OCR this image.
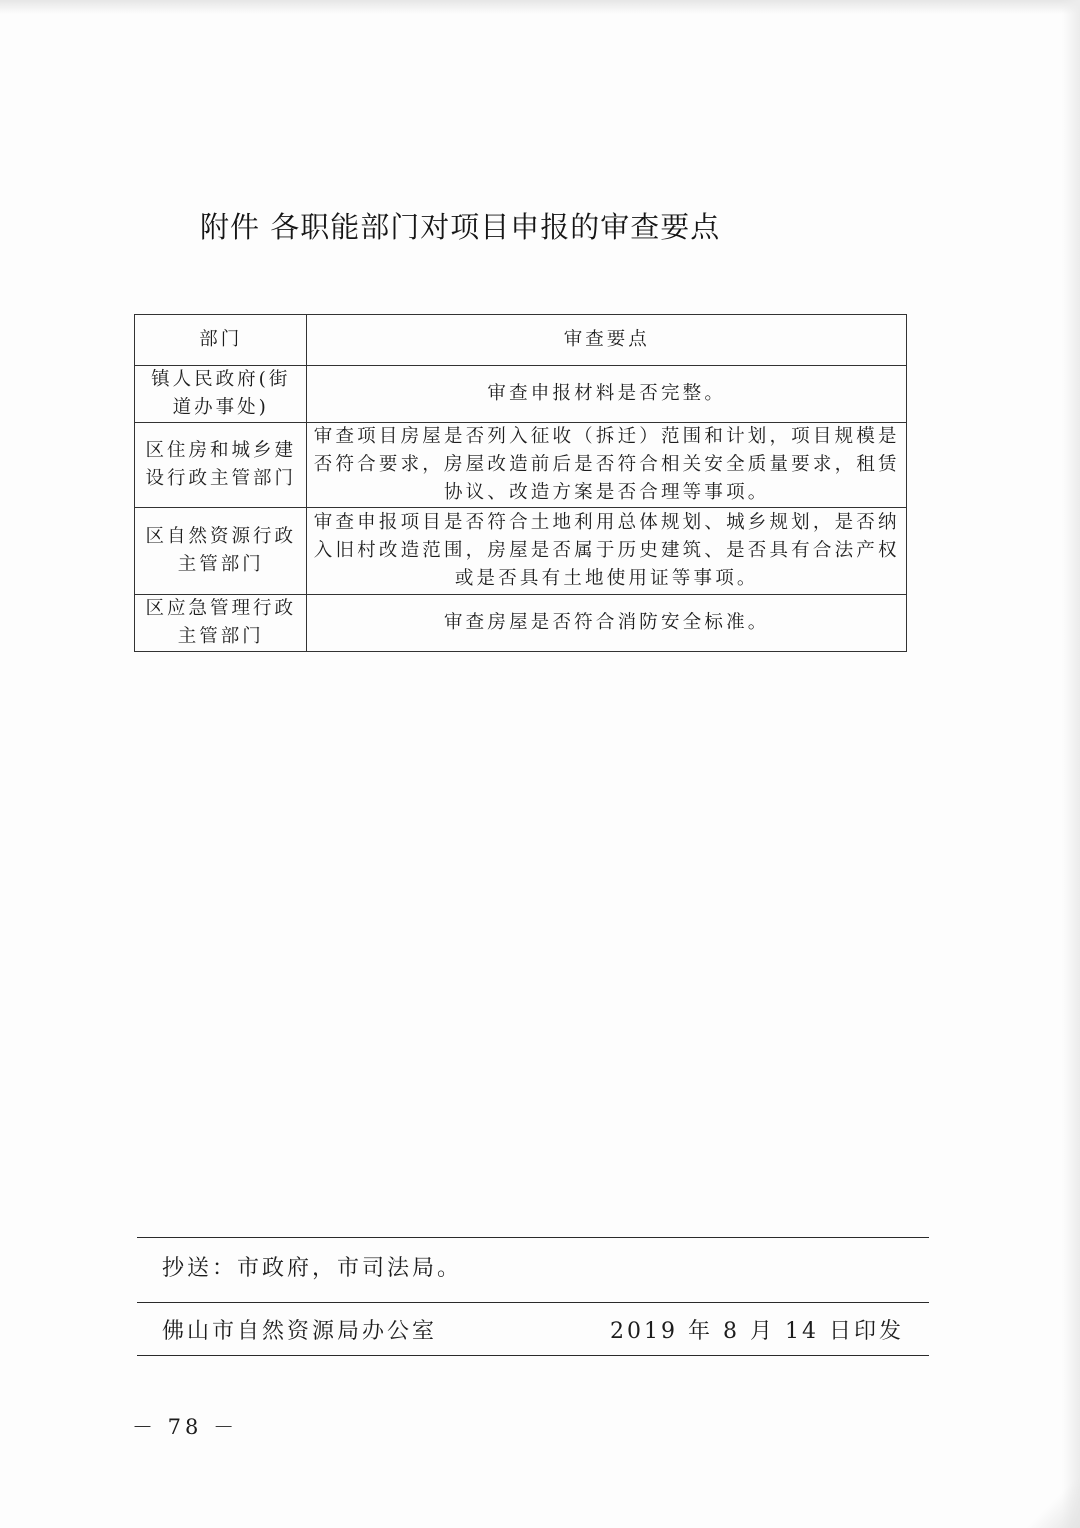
附件 各职能部门对项目申报的审查要点
部门	审查要点
镇人民政府(街道办事处)	审查申报材料是否完整。
区住房和城乡建设行政主管部门	审查项目房屋是否列入征收（拆迁）范围和计划，项目规模是否符合要求，房屋改造前后是否符合相关安全质量要求，租赁协议、改造方案是否合理等事项。
区自然资源行政主管部门	审查申报项目是否符合土地利用总体规划、城乡规划，是否纳入旧村改造范围，房屋是否属于历史建筑、是否具有合法产权或是否具有土地使用证等事项。
区应急管理行政主管部门	审查房屋是否符合消防安全标准。
抄送：市政府，市司法局。
佛山市自然资源局办公室	2019 年 8 月 14 日印发
－ 78 －
